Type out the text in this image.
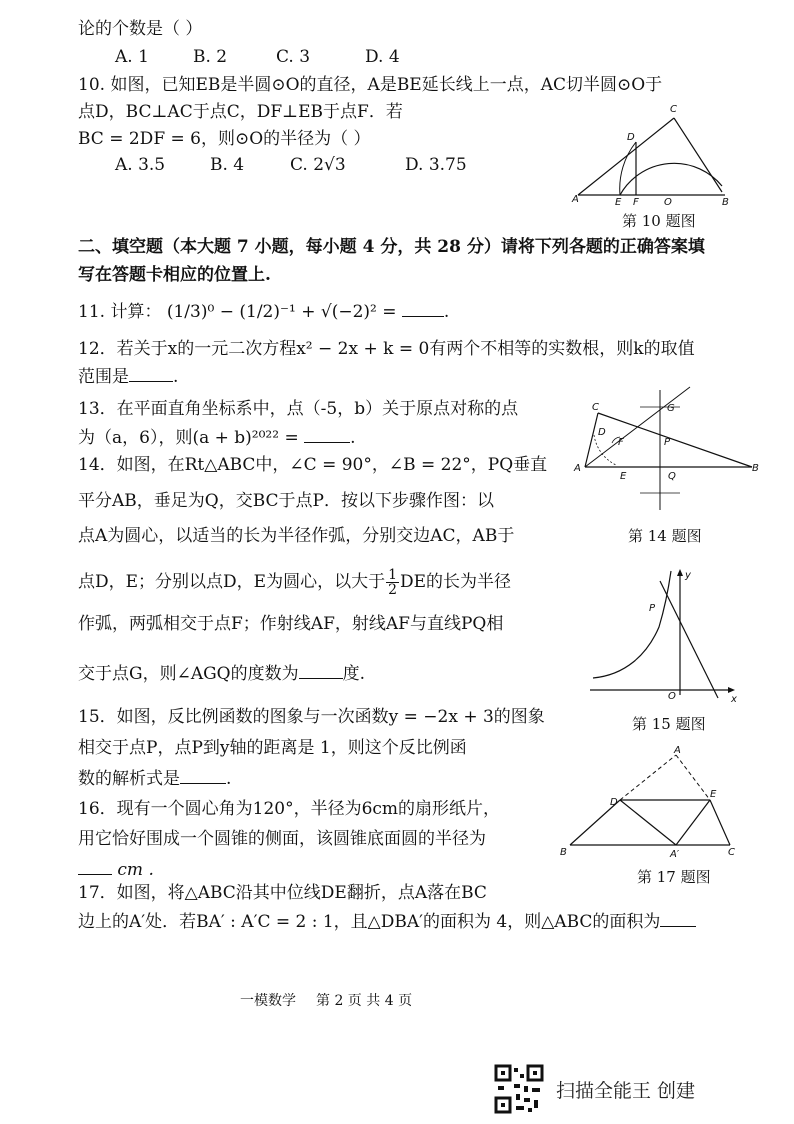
论的个数是（ ）
A. 1	B. 2	C. 3	D. 4
10. 如图，已知EB是半圆⊙O的直径，A是BE延长线上一点，AC切半圆⊙O于
点D，BC⊥AC于点C，DF⊥EB于点F．若
BC = 2DF = 6，则⊙O的半径为（ ）
A. 3.5	B. 4	C. 2√3	D. 3.75
A	E F	O	B
C
D
第 10 题图
二、填空题（本大题 7 小题，每小题 4 分，共 28 分）请将下列各题的正确答案填
写在答题卡相应的位置上.
11. 计算： (1/3)⁰ − (1/2)⁻¹ + √(−2)² =	.
12．若关于x的一元二次方程x² − 2x + k = 0有两个不相等的实数根，则k的取值
范围是	.
13．在平面直角坐标系中，点（-5，b）关于原点对称的点
为（a，6），则(a + b)²⁰²² =	.
14．如图，在Rt△ABC中，∠C = 90°，∠B = 22°，PQ垂直
平分AB，垂足为Q，交BC于点P．按以下步骤作图：以
点A为圆心，以适当的长为半径作弧，分别交边AC，AB于
点D，E；分别以点D，E为圆心，以大于 $\frac{1}{2}$ DE的长为半径
作弧，两弧相交于点F；作射线AF，射线AF与直线PQ相
交于点G，则∠AGQ的度数为	度.
C	G
A
E	Q
B
D
F	P
第 14 题图
y
P
O	x
第 15 题图
15．如图，反比例函数的图象与一次函数y = −2x + 3的图象
相交于点P，点P到y轴的距离是 1，则这个反比例函
数的解析式是	.
16．现有一个圆心角为120°，半径为6cm的扇形纸片，
用它恰好围成一个圆锥的侧面，该圆锥底面圆的半径为
cm .
A
D
E
B	A′	C
第 17 题图
17．如图，将△ABC沿其中位线DE翻折，点A落在BC
边上的A′处．若BA′ : A′C = 2 : 1，且△DBA′的面积为 4，则△ABC的面积为
一模数学 第 2 页 共 4 页
扫描全能王 创建
